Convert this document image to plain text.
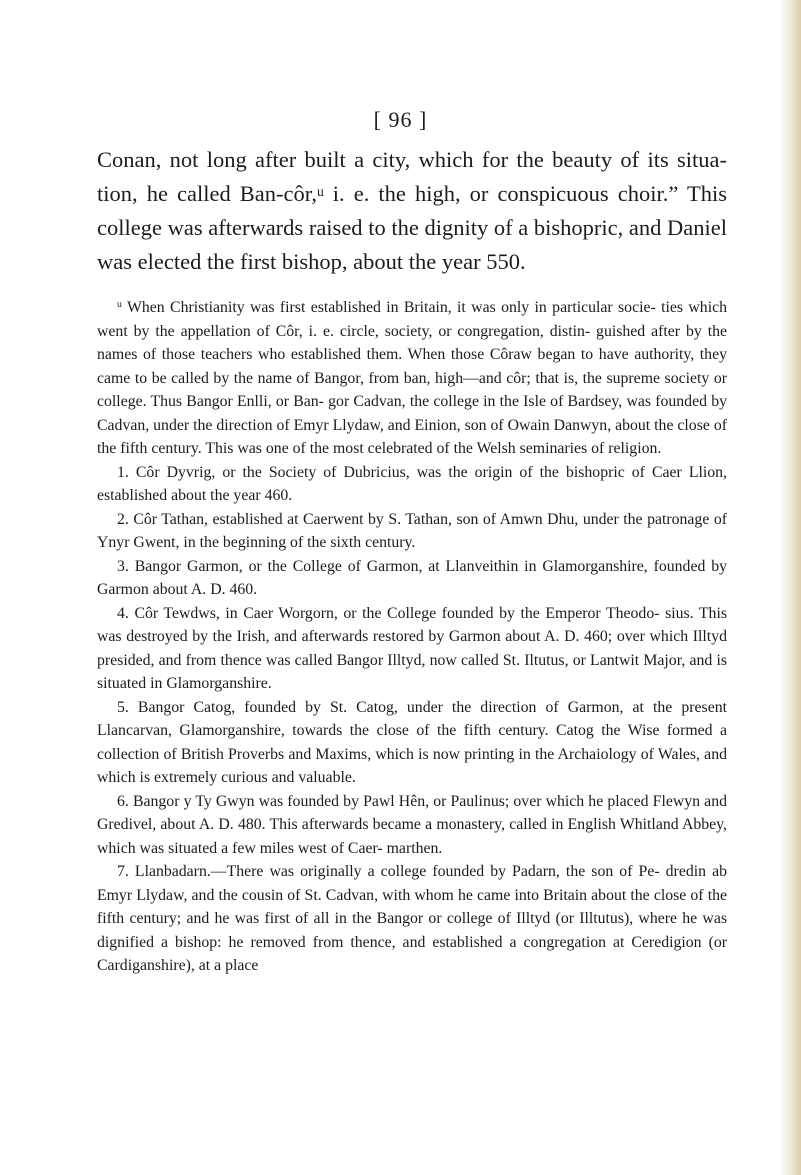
[ 96 ]

Conan, not long after built a city, which for the beauty of its situa- tion, he called Ban-côr,$^u$ i. e. the high, or conspicuous choir.” This college was afterwards raised to the dignity of a bishopric, and Daniel was elected the first bishop, about the year 550.

$^u$ When Christianity was first established in Britain, it was only in particular socie- ties which went by the appellation of Côr, i. e. circle, society, or congregation, distin- guished after by the names of those teachers who established them. When those Côraw began to have authority, they came to be called by the name of Bangor, from ban, high—and côr; that is, the supreme society or college. Thus Bangor Enlli, or Ban- gor Cadvan, the college in the Isle of Bardsey, was founded by Cadvan, under the direction of Emyr Llydaw, and Einion, son of Owain Danwyn, about the close of the fifth century. This was one of the most celebrated of the Welsh seminaries of religion.

1. Côr Dyvrig, or the Society of Dubricius, was the origin of the bishopric of Caer Llion, established about the year 460.

2. Côr Tathan, established at Caerwent by S. Tathan, son of Amwn Dhu, under the patronage of Ynyr Gwent, in the beginning of the sixth century.

3. Bangor Garmon, or the College of Garmon, at Llanveithin in Glamorganshire, founded by Garmon about A. D. 460.

4. Côr Tewdws, in Caer Worgorn, or the College founded by the Emperor Theodo- sius. This was destroyed by the Irish, and afterwards restored by Garmon about A. D. 460; over which Illtyd presided, and from thence was called Bangor Illtyd, now called St. Iltutus, or Lantwit Major, and is situated in Glamorganshire.

5. Bangor Catog, founded by St. Catog, under the direction of Garmon, at the present Llancarvan, Glamorganshire, towards the close of the fifth century. Catog the Wise formed a collection of British Proverbs and Maxims, which is now printing in the Archaiology of Wales, and which is extremely curious and valuable.

6. Bangor y Ty Gwyn was founded by Pawl Hên, or Paulinus; over which he placed Flewyn and Gredivel, about A. D. 480. This afterwards became a monastery, called in English Whitland Abbey, which was situated a few miles west of Caer- marthen.

7. Llanbadarn.—There was originally a college founded by Padarn, the son of Pe- dredin ab Emyr Llydaw, and the cousin of St. Cadvan, with whom he came into Britain about the close of the fifth century; and he was first of all in the Bangor or college of Illtyd (or Illtutus), where he was dignified a bishop: he removed from thence, and established a congregation at Ceredigion (or Cardiganshire), at a place
